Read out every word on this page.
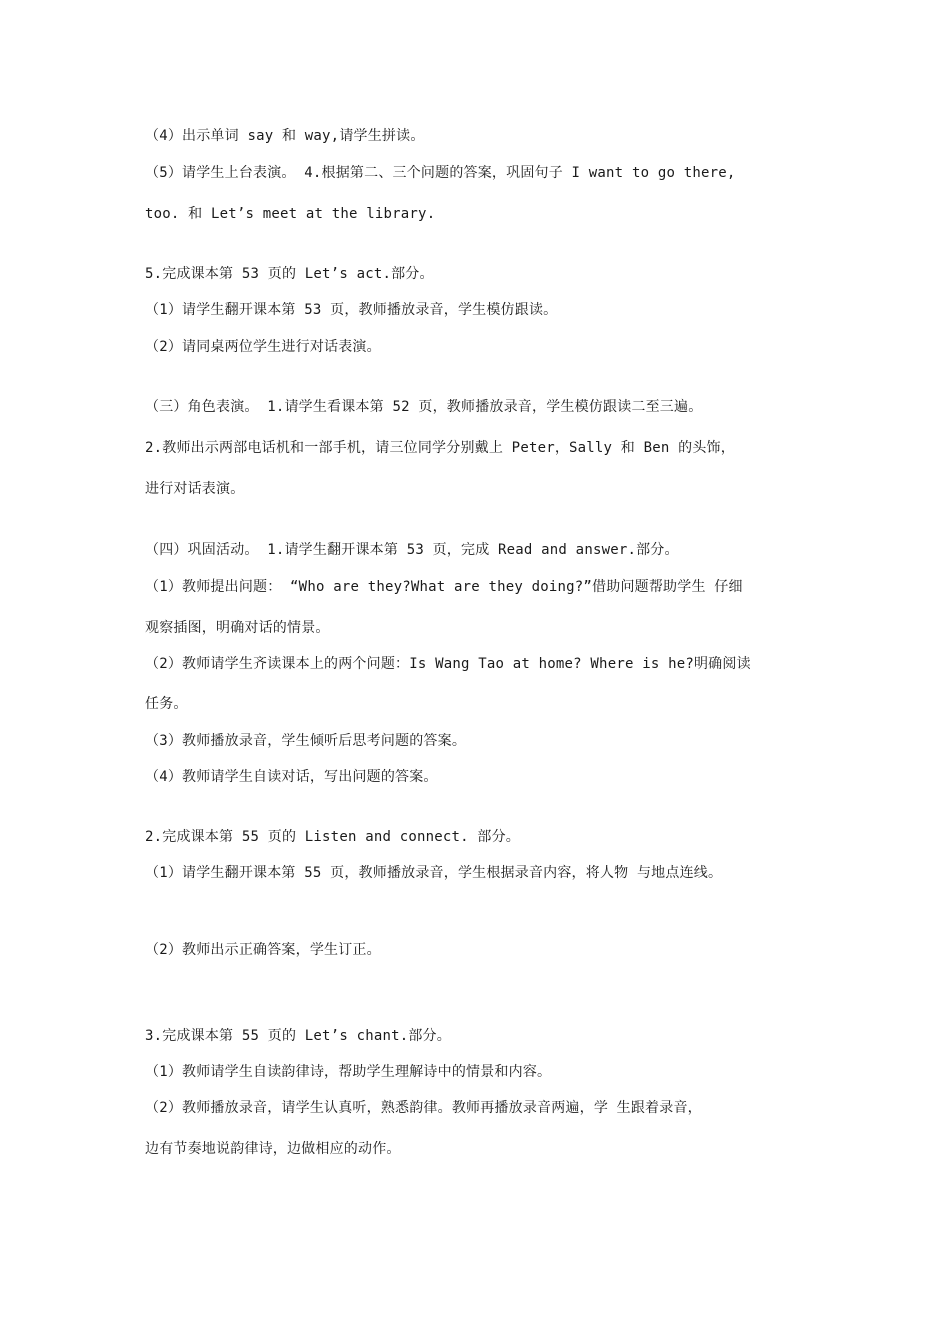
（4）出示单词 say 和 way,请学生拼读。
（5）请学生上台表演。 4.根据第二、三个问题的答案，巩固句子 I want to go there,
too. 和 Let’s meet at the library.
5.完成课本第 53 页的 Let’s act.部分。
（1）请学生翻开课本第 53 页，教师播放录音，学生模仿跟读。
（2）请同桌两位学生进行对话表演。
（三）角色表演。 1.请学生看课本第 52 页，教师播放录音，学生模仿跟读二至三遍。
2.教师出示两部电话机和一部手机，请三位同学分别戴上 Peter，Sally 和 Ben 的头饰，
进行对话表演。
（四）巩固活动。 1.请学生翻开课本第 53 页，完成 Read and answer.部分。
（1）教师提出问题： “Who are they?What are they doing?”借助问题帮助学生 仔细
观察插图，明确对话的情景。
（2）教师请学生齐读课本上的两个问题：Is Wang Tao at home? Where is he?明确阅读
任务。
（3）教师播放录音，学生倾听后思考问题的答案。
（4）教师请学生自读对话，写出问题的答案。
2.完成课本第 55 页的 Listen and connect. 部分。
（1）请学生翻开课本第 55 页，教师播放录音，学生根据录音内容，将人物 与地点连线。
（2）教师出示正确答案，学生订正。
3.完成课本第 55 页的 Let’s chant.部分。
（1）教师请学生自读韵律诗，帮助学生理解诗中的情景和内容。
（2）教师播放录音，请学生认真听，熟悉韵律。教师再播放录音两遍，学 生跟着录音，
边有节奏地说韵律诗，边做相应的动作。
